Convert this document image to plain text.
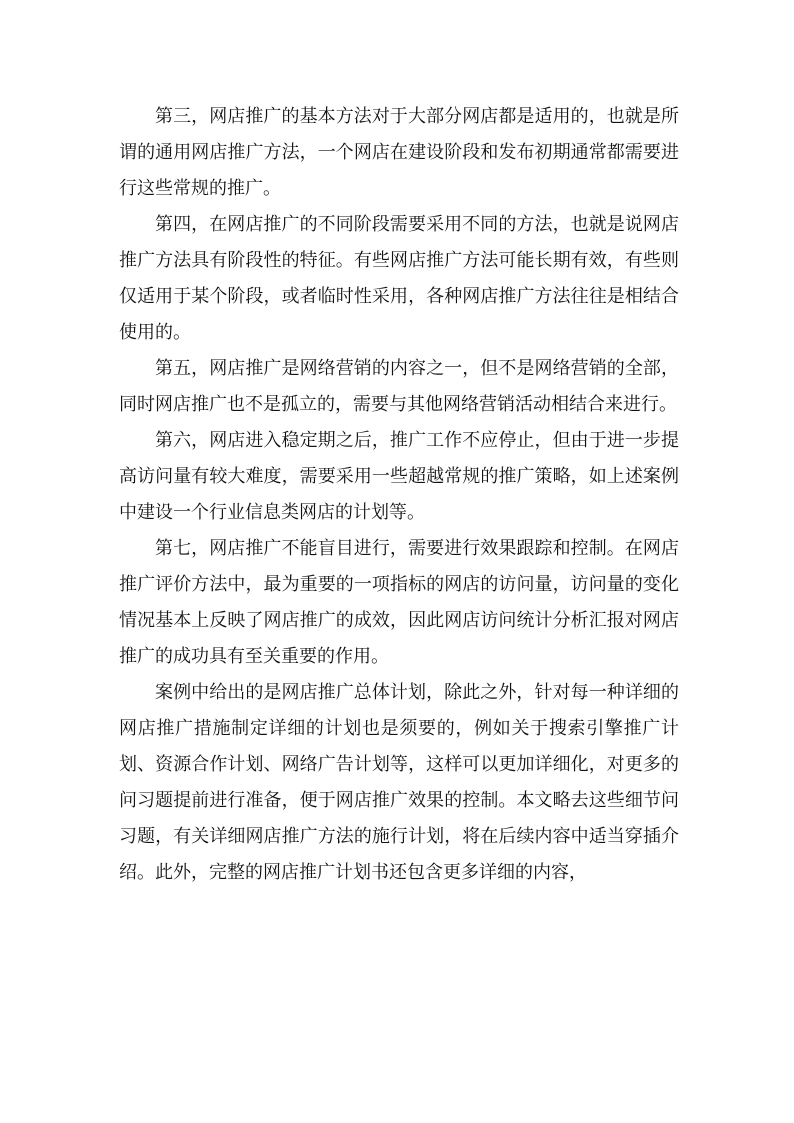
第三，网店推广的基本方法对于大部分网店都是适用的，也就是所谓的通用网店推广方法，一个网店在建设阶段和发布初期通常都需要进行这些常规的推广。

第四，在网店推广的不同阶段需要采用不同的方法，也就是说网店推广方法具有阶段性的特征。有些网店推广方法可能长期有效，有些则仅适用于某个阶段，或者临时性采用，各种网店推广方法往往是相结合使用的。

第五，网店推广是网络营销的内容之一，但不是网络营销的全部，同时网店推广也不是孤立的，需要与其他网络营销活动相结合来进行。

第六，网店进入稳定期之后，推广工作不应停止，但由于进一步提高访问量有较大难度，需要采用一些超越常规的推广策略，如上述案例中建设一个行业信息类网店的计划等。

第七，网店推广不能盲目进行，需要进行效果跟踪和控制。在网店推广评价方法中，最为重要的一项指标的网店的访问量，访问量的变化情况基本上反映了网店推广的成效，因此网店访问统计分析汇报对网店推广的成功具有至关重要的作用。

案例中给出的是网店推广总体计划，除此之外，针对每一种详细的网店推广措施制定详细的计划也是须要的，例如关于搜索引擎推广计划、资源合作计划、网络广告计划等，这样可以更加详细化，对更多的问习题提前进行准备，便于网店推广效果的控制。本文略去这些细节问习题，有关详细网店推广方法的施行计划，将在后续内容中适当穿插介绍。此外，完整的网店推广计划书还包含更多详细的内容，
